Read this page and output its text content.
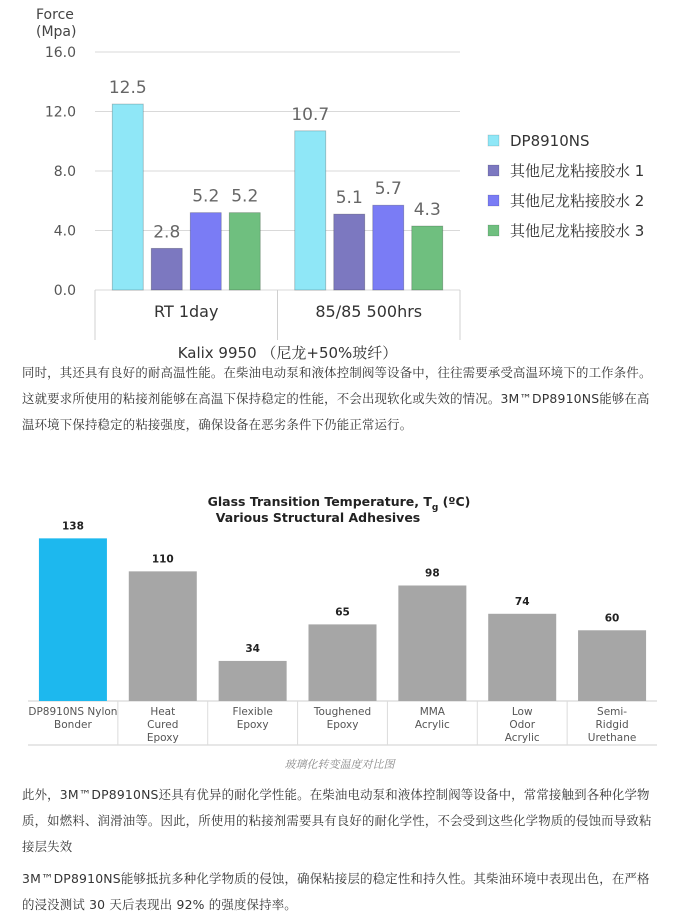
Force
(Mpa)
0.0
4.0
8.0
12.0
16.0
12.5
2.8
5.2 5.2
RT 1day
10.7
5.1 5.7
4.3
85/85 500hrs
Kalix 9950 （尼龙+50%玻纤）
DP8910NS
其他尼龙粘接胶水 1
其他尼龙粘接胶水 2
其他尼龙粘接胶水 3

同时，其还具有良好的耐高温性能。在柴油电动泵和液体控制阀等设备中，往往需要承受高温环境下的工作条件。这就要求所使用的粘接剂能够在高温下保持稳定的性能，不会出现软化或失效的情况。3M™DP8910NS能够在高温环境下保持稳定的粘接强度，确保设备在恶劣条件下仍能正常运行。

Glass Transition Temperature, $T_g$ (ºC)
Various Structural Adhesives
138
DP8910NS Nylon
Bonder
110
Heat
Cured
Epoxy
34
Flexible
Epoxy
65
Toughened
Epoxy
98
MMA
Acrylic
74
Low
Odor
Acrylic
60
Semi-
Ridgid
Urethane
玻璃化转变温度对比图

此外，3M™DP8910NS还具有优异的耐化学性能。在柴油电动泵和液体控制阀等设备中，常常接触到各种化学物质，如燃料、润滑油等。因此，所使用的粘接剂需要具有良好的耐化学性，不会受到这些化学物质的侵蚀而导致粘接层失效

3M™DP8910NS能够抵抗多种化学物质的侵蚀，确保粘接层的稳定性和持久性。其柴油环境中表现出色，在严格的浸没测试 30 天后表现出 92% 的强度保持率。
